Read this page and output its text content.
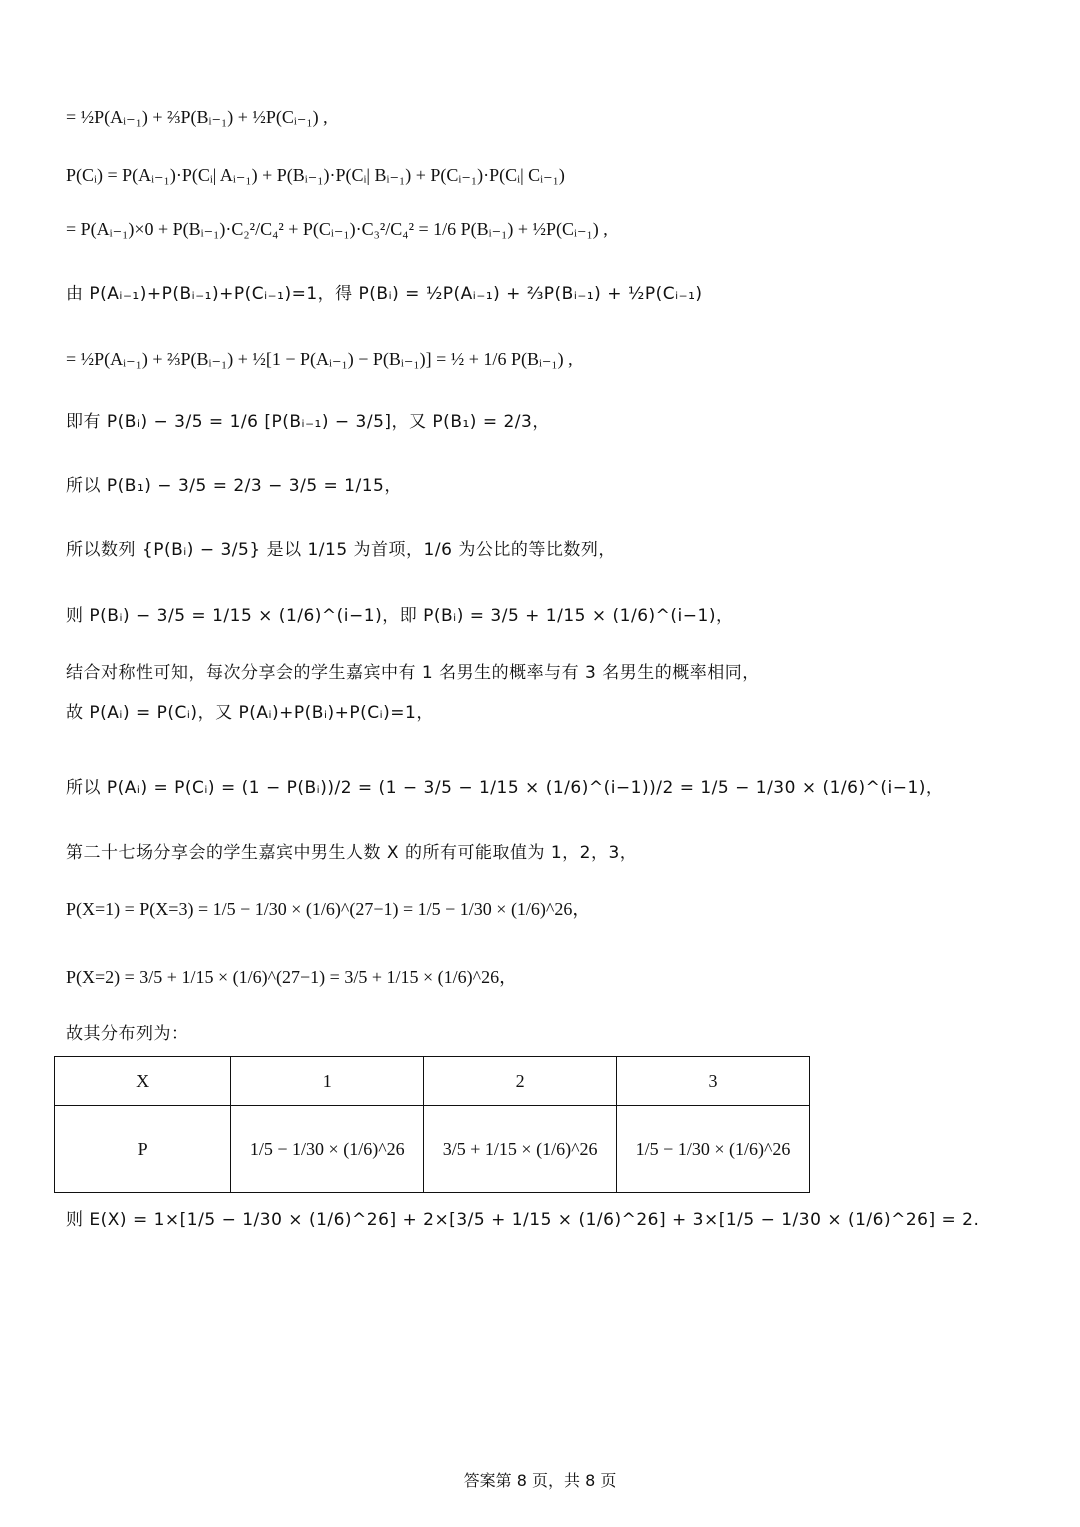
= ½P(Aᵢ₋₁) + ⅔P(Bᵢ₋₁) + ½P(Cᵢ₋₁) ,
P(Cᵢ) = P(Aᵢ₋₁)·P(Cᵢ| Aᵢ₋₁) + P(Bᵢ₋₁)·P(Cᵢ| Bᵢ₋₁) + P(Cᵢ₋₁)·P(Cᵢ| Cᵢ₋₁)
= P(Aᵢ₋₁)×0 + P(Bᵢ₋₁)·C₂²/C₄² + P(Cᵢ₋₁)·C₃²/C₄² = 1/6 P(Bᵢ₋₁) + ½P(Cᵢ₋₁) ,
由 P(Aᵢ₋₁)+P(Bᵢ₋₁)+P(Cᵢ₋₁)=1，得 P(Bᵢ) = ½P(Aᵢ₋₁) + ⅔P(Bᵢ₋₁) + ½P(Cᵢ₋₁)
= ½P(Aᵢ₋₁) + ⅔P(Bᵢ₋₁) + ½[1 − P(Aᵢ₋₁) − P(Bᵢ₋₁)] = ½ + 1/6 P(Bᵢ₋₁) ,
即有 P(Bᵢ) − 3/5 = 1/6 [P(Bᵢ₋₁) − 3/5]，又 P(B₁) = 2/3，
所以 P(B₁) − 3/5 = 2/3 − 3/5 = 1/15，
所以数列 {P(Bᵢ) − 3/5} 是以 1/15 为首项，1/6 为公比的等比数列，
则 P(Bᵢ) − 3/5 = 1/15 × (1/6)^(i−1)，即 P(Bᵢ) = 3/5 + 1/15 × (1/6)^(i−1)，
结合对称性可知，每次分享会的学生嘉宾中有 1 名男生的概率与有 3 名男生的概率相同，
故 P(Aᵢ) = P(Cᵢ)，又 P(Aᵢ)+P(Bᵢ)+P(Cᵢ)=1，
所以 P(Aᵢ) = P(Cᵢ) = (1 − P(Bᵢ))/2 = (1 − 3/5 − 1/15 × (1/6)^(i−1))/2 = 1/5 − 1/30 × (1/6)^(i−1)，
第二十七场分享会的学生嘉宾中男生人数 X 的所有可能取值为 1，2，3，
P(X=1) = P(X=3) = 1/5 − 1/30 × (1/6)^(27−1) = 1/5 − 1/30 × (1/6)^26，
P(X=2) = 3/5 + 1/15 × (1/6)^(27−1) = 3/5 + 1/15 × (1/6)^26，
故其分布列为：
X	1	2	3
P	1/5 − 1/30 × (1/6)^26	3/5 + 1/15 × (1/6)^26	1/5 − 1/30 × (1/6)^26
则 E(X) = 1×[1/5 − 1/30 × (1/6)^26] + 2×[3/5 + 1/15 × (1/6)^26] + 3×[1/5 − 1/30 × (1/6)^26] = 2.
答案第 8 页，共 8 页
